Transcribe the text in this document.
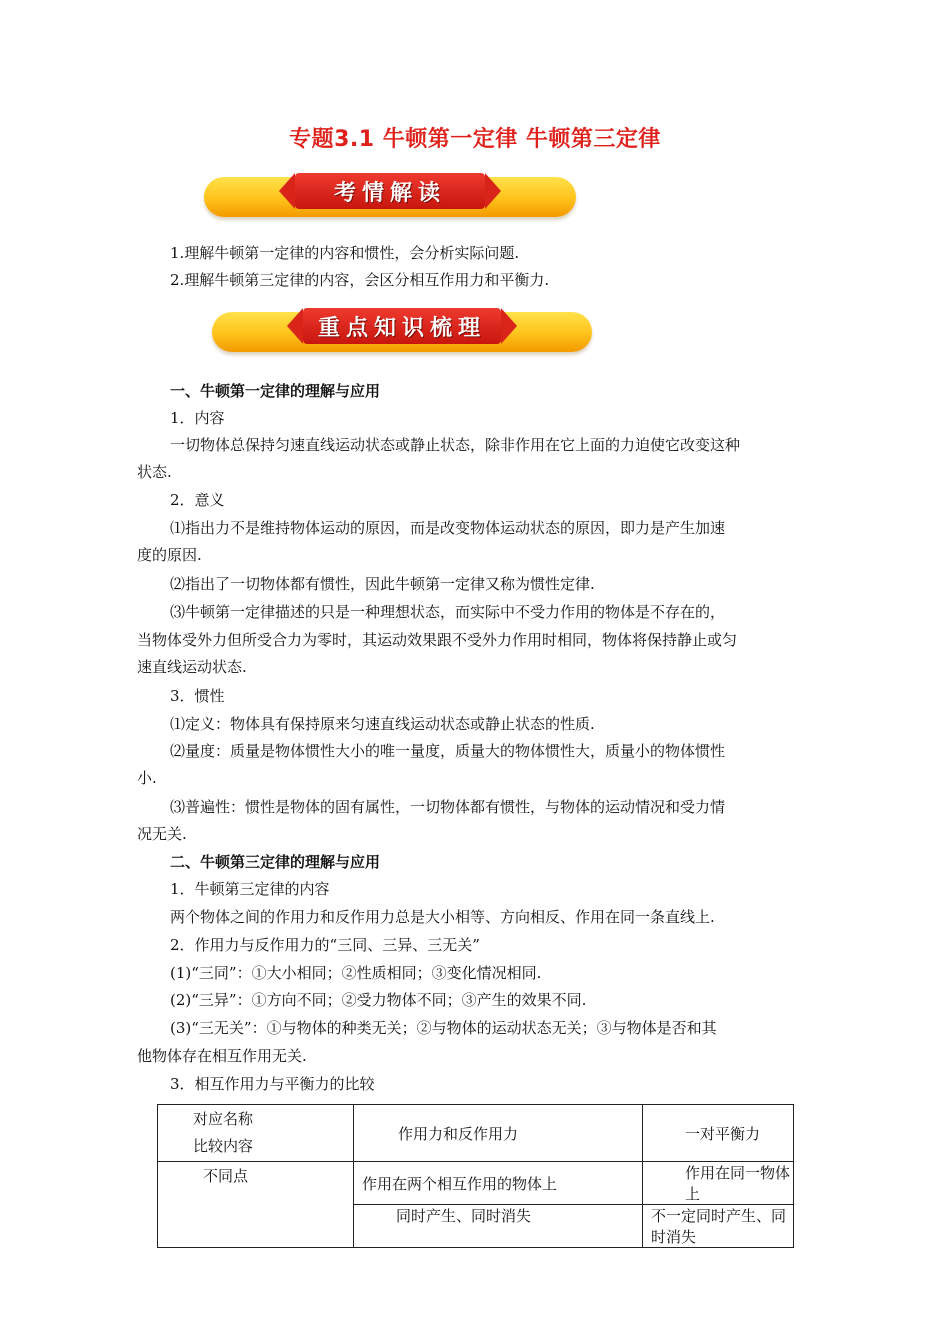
专题3.1 牛顿第一定律 牛顿第三定律
考情解读

1.理解牛顿第一定律的内容和惯性，会分析实际问题.

2.理解牛顿第三定律的内容，会区分相互作用力和平衡力.

重点知识梳理

一、牛顿第一定律的理解与应用

1．内容

一切物体总保持匀速直线运动状态或静止状态，除非作用在它上面的力迫使它改变这种

状态.

2．意义

⑴指出力不是维持物体运动的原因，而是改变物体运动状态的原因，即力是产生加速

度的原因.

⑵指出了一切物体都有惯性，因此牛顿第一定律又称为惯性定律.

⑶牛顿第一定律描述的只是一种理想状态，而实际中不受力作用的物体是不存在的，

当物体受外力但所受合力为零时，其运动效果跟不受外力作用时相同，物体将保持静止或匀

速直线运动状态.

3．惯性

⑴定义：物体具有保持原来匀速直线运动状态或静止状态的性质.

⑵量度：质量是物体惯性大小的唯一量度，质量大的物体惯性大，质量小的物体惯性

小.

⑶普遍性：惯性是物体的固有属性，一切物体都有惯性，与物体的运动情况和受力情

况无关.

二、牛顿第三定律的理解与应用

1．牛顿第三定律的内容

两个物体之间的作用力和反作用力总是大小相等、方向相反、作用在同一条直线上.

2．作用力与反作用力的“三同、三异、三无关”

(1)“三同”：①大小相同；②性质相同；③变化情况相同.

(2)“三异”：①方向不同；②受力物体不同；③产生的效果不同.

(3)“三无关”：①与物体的种类无关；②与物体的运动状态无关；③与物体是否和其

他物体存在相互作用无关.

3．相互作用力与平衡力的比较

对应名称
比较内容	作用力和反作用力	一对平衡力
不同点	作用在两个相互作用的物体上	作用在同一物体上
	同时产生、同时消失	不一定同时产生、同时消失
